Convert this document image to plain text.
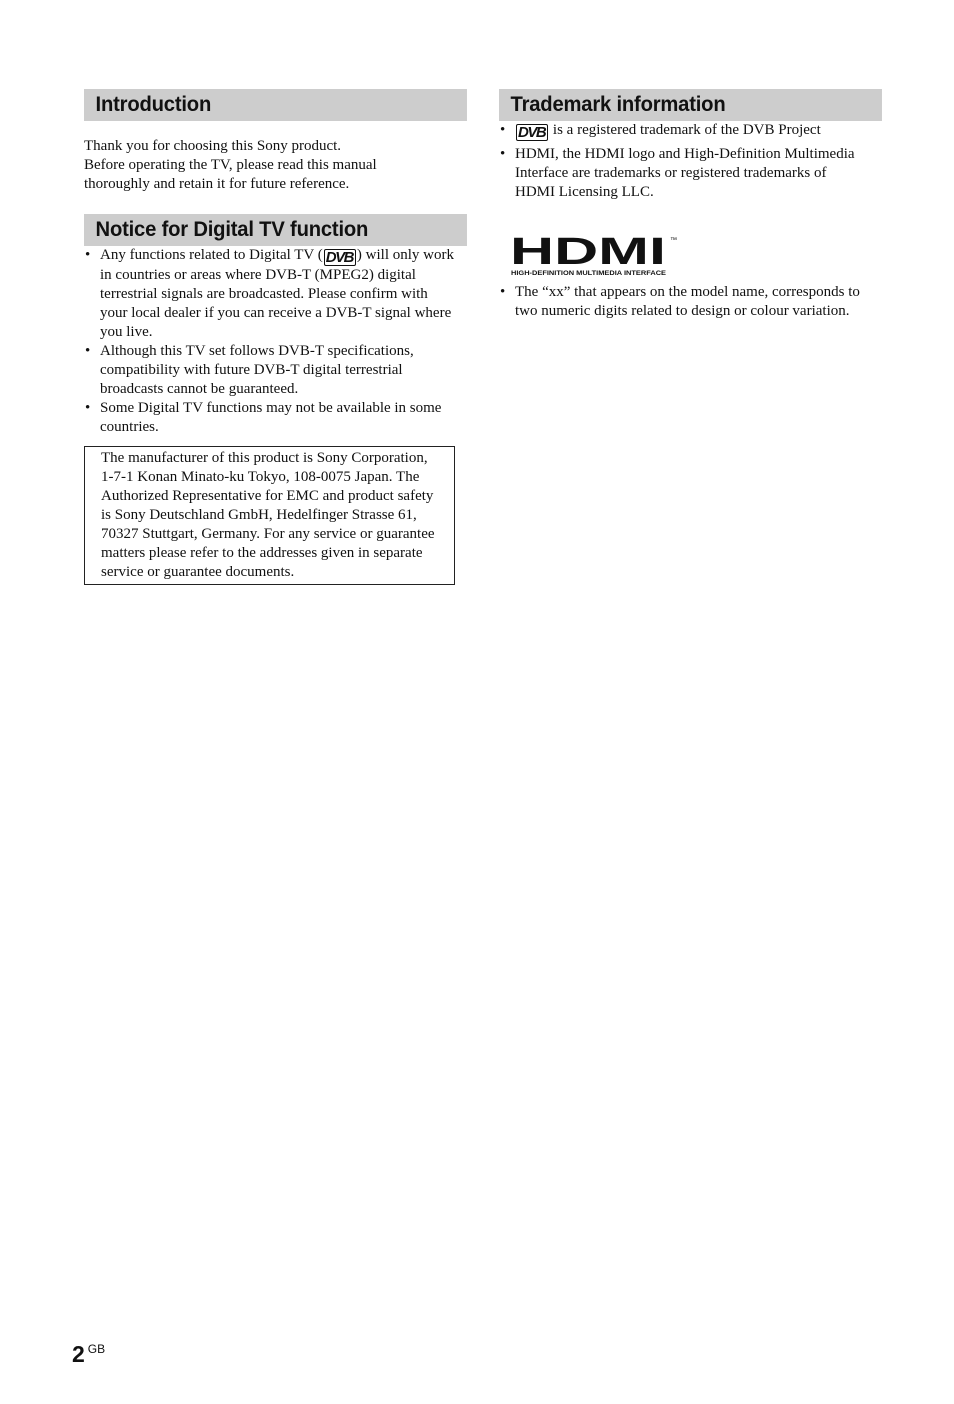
Introduction
Thank you for choosing this Sony product.
Before operating the TV, please read this manual
thoroughly and retain it for future reference.
Notice for Digital TV function
• Any functions related to Digital TV ( DVB ) will only work in countries or areas where DVB-T (MPEG2) digital terrestrial signals are broadcasted. Please confirm with your local dealer if you can receive a DVB-T signal where you live.
• Although this TV set follows DVB-T specifications, compatibility with future DVB-T digital terrestrial broadcasts cannot be guaranteed.
• Some Digital TV functions may not be available in some countries.
The manufacturer of this product is Sony Corporation, 1-7-1 Konan Minato-ku Tokyo, 108-0075 Japan. The Authorized Representative for EMC and product safety is Sony Deutschland GmbH, Hedelfinger Strasse 61, 70327 Stuttgart, Germany. For any service or guarantee matters please refer to the addresses given in separate service or guarantee documents.
Trademark information
• DVB is a registered trademark of the DVB Project
• HDMI, the HDMI logo and High-Definition Multimedia Interface are trademarks or registered trademarks of HDMI Licensing LLC.
HDMI ™
HIGH-DEFINITION MULTIMEDIA INTERFACE
• The “xx” that appears on the model name, corresponds to two numeric digits related to design or colour variation.
2 $^{GB}$
